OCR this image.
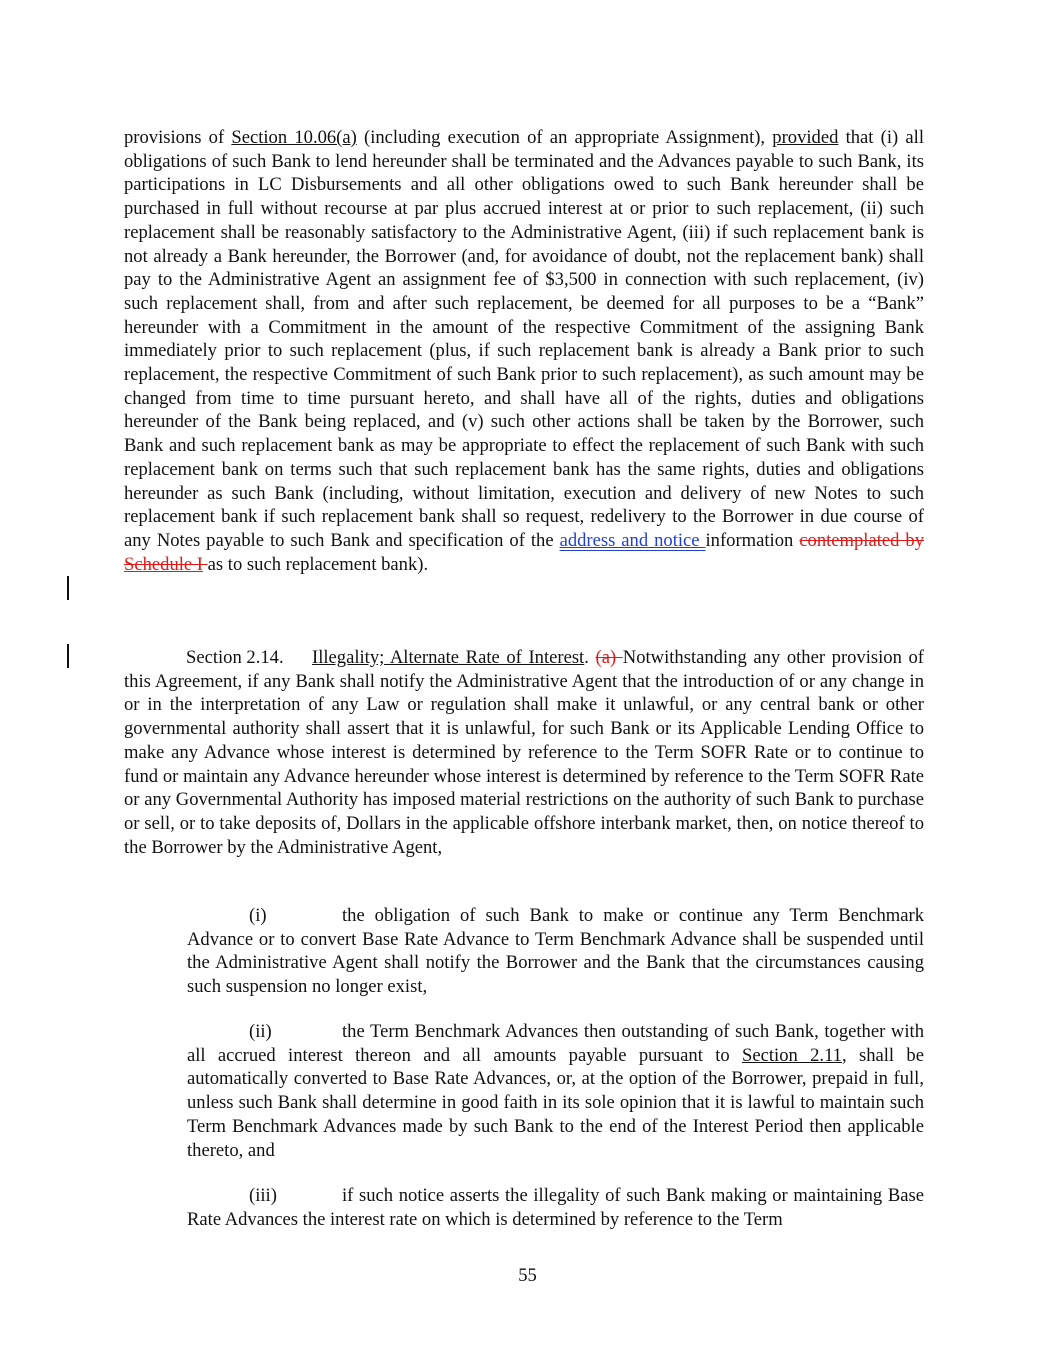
provisions of Section 10.06(a) (including execution of an appropriate Assignment), provided that (i) all obligations of such Bank to lend hereunder shall be terminated and the Advances payable to such Bank, its participations in LC Disbursements and all other obligations owed to such Bank hereunder shall be purchased in full without recourse at par plus accrued interest at or prior to such replacement, (ii) such replacement shall be reasonably satisfactory to the Administrative Agent, (iii) if such replacement bank is not already a Bank hereunder, the Borrower (and, for avoidance of doubt, not the replacement bank) shall pay to the Administrative Agent an assignment fee of $3,500 in connection with such replacement, (iv) such replacement shall, from and after such replacement, be deemed for all purposes to be a “Bank” hereunder with a Commitment in the amount of the respective Commitment of the assigning Bank immediately prior to such replacement (plus, if such replacement bank is already a Bank prior to such replacement, the respective Commitment of such Bank prior to such replacement), as such amount may be changed from time to time pursuant hereto, and shall have all of the rights, duties and obligations hereunder of the Bank being replaced, and (v) such other actions shall be taken by the Borrower, such Bank and such replacement bank as may be appropriate to effect the replacement of such Bank with such replacement bank on terms such that such replacement bank has the same rights, duties and obligations hereunder as such Bank (including, without limitation, execution and delivery of new Notes to such replacement bank if such replacement bank shall so request, redelivery to the Borrower in due course of any Notes payable to such Bank and specification of the address and notice information contemplated by Schedule I as to such replacement bank).

Section 2.14. Illegality; Alternate Rate of Interest. (a) Notwithstanding any other provision of this Agreement, if any Bank shall notify the Administrative Agent that the introduction of or any change in or in the interpretation of any Law or regulation shall make it unlawful, or any central bank or other governmental authority shall assert that it is unlawful, for such Bank or its Applicable Lending Office to make any Advance whose interest is determined by reference to the Term SOFR Rate or to continue to fund or maintain any Advance hereunder whose interest is determined by reference to the Term SOFR Rate or any Governmental Authority has imposed material restrictions on the authority of such Bank to purchase or sell, or to take deposits of, Dollars in the applicable offshore interbank market, then, on notice thereof to the Borrower by the Administrative Agent,

(i)	the obligation of such Bank to make or continue any Term Benchmark Advance or to convert Base Rate Advance to Term Benchmark Advance shall be suspended until the Administrative Agent shall notify the Borrower and the Bank that the circumstances causing such suspension no longer exist,

(ii)	the Term Benchmark Advances then outstanding of such Bank, together with all accrued interest thereon and all amounts payable pursuant to Section 2.11, shall be automatically converted to Base Rate Advances, or, at the option of the Borrower, prepaid in full, unless such Bank shall determine in good faith in its sole opinion that it is lawful to maintain such Term Benchmark Advances made by such Bank to the end of the Interest Period then applicable thereto, and

(iii)	if such notice asserts the illegality of such Bank making or maintaining Base Rate Advances the interest rate on which is determined by reference to the Term

55
